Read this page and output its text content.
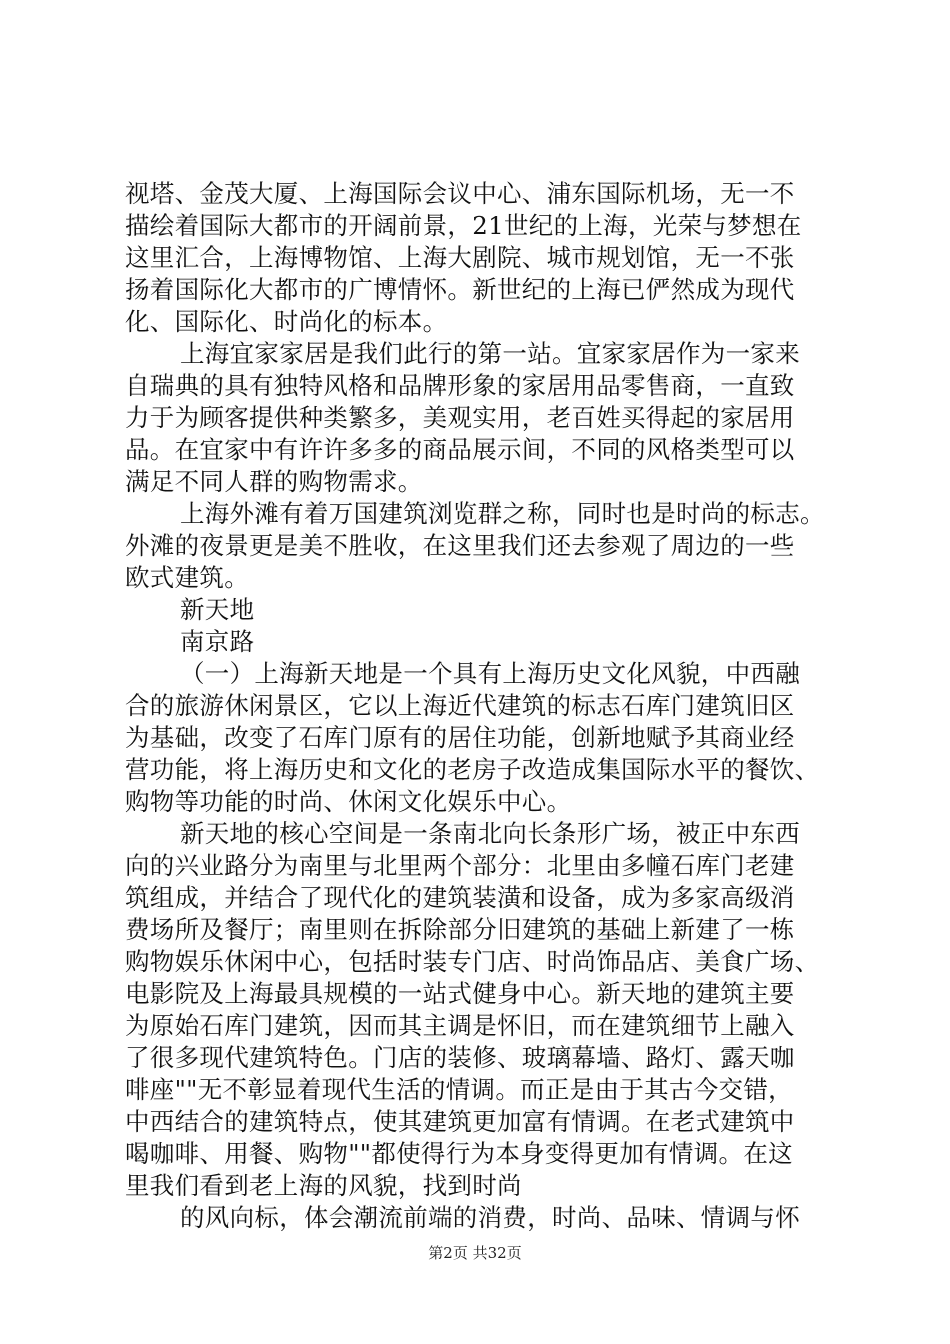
视塔、金茂大厦、上海国际会议中心、浦东国际机场，无一不
描绘着国际大都市的开阔前景，21世纪的上海，光荣与梦想在
这里汇合，上海博物馆、上海大剧院、城市规划馆，无一不张
扬着国际化大都市的广博情怀。新世纪的上海已俨然成为现代
化、国际化、时尚化的标本。
上海宜家家居是我们此行的第一站。宜家家居作为一家来
自瑞典的具有独特风格和品牌形象的家居用品零售商，一直致
力于为顾客提供种类繁多，美观实用，老百姓买得起的家居用
品。在宜家中有许许多多的商品展示间，不同的风格类型可以
满足不同人群的购物需求。
上海外滩有着万国建筑浏览群之称，同时也是时尚的标志。
外滩的夜景更是美不胜收，在这里我们还去参观了周边的一些
欧式建筑。
新天地
南京路
（一）上海新天地是一个具有上海历史文化风貌，中西融
合的旅游休闲景区，它以上海近代建筑的标志石库门建筑旧区
为基础，改变了石库门原有的居住功能，创新地赋予其商业经
营功能，将上海历史和文化的老房子改造成集国际水平的餐饮、
购物等功能的时尚、休闲文化娱乐中心。
新天地的核心空间是一条南北向长条形广场，被正中东西
向的兴业路分为南里与北里两个部分：北里由多幢石库门老建
筑组成，并结合了现代化的建筑装潢和设备，成为多家高级消
费场所及餐厅；南里则在拆除部分旧建筑的基础上新建了一栋
购物娱乐休闲中心，包括时装专门店、时尚饰品店、美食广场、
电影院及上海最具规模的一站式健身中心。新天地的建筑主要
为原始石库门建筑，因而其主调是怀旧，而在建筑细节上融入
了很多现代建筑特色。门店的装修、玻璃幕墙、路灯、露天咖
啡座""无不彰显着现代生活的情调。而正是由于其古今交错，
中西结合的建筑特点，使其建筑更加富有情调。在老式建筑中
喝咖啡、用餐、购物""都使得行为本身变得更加有情调。在这
里我们看到老上海的风貌，找到时尚
的风向标，体会潮流前端的消费，时尚、品味、情调与怀
第2页 共32页
